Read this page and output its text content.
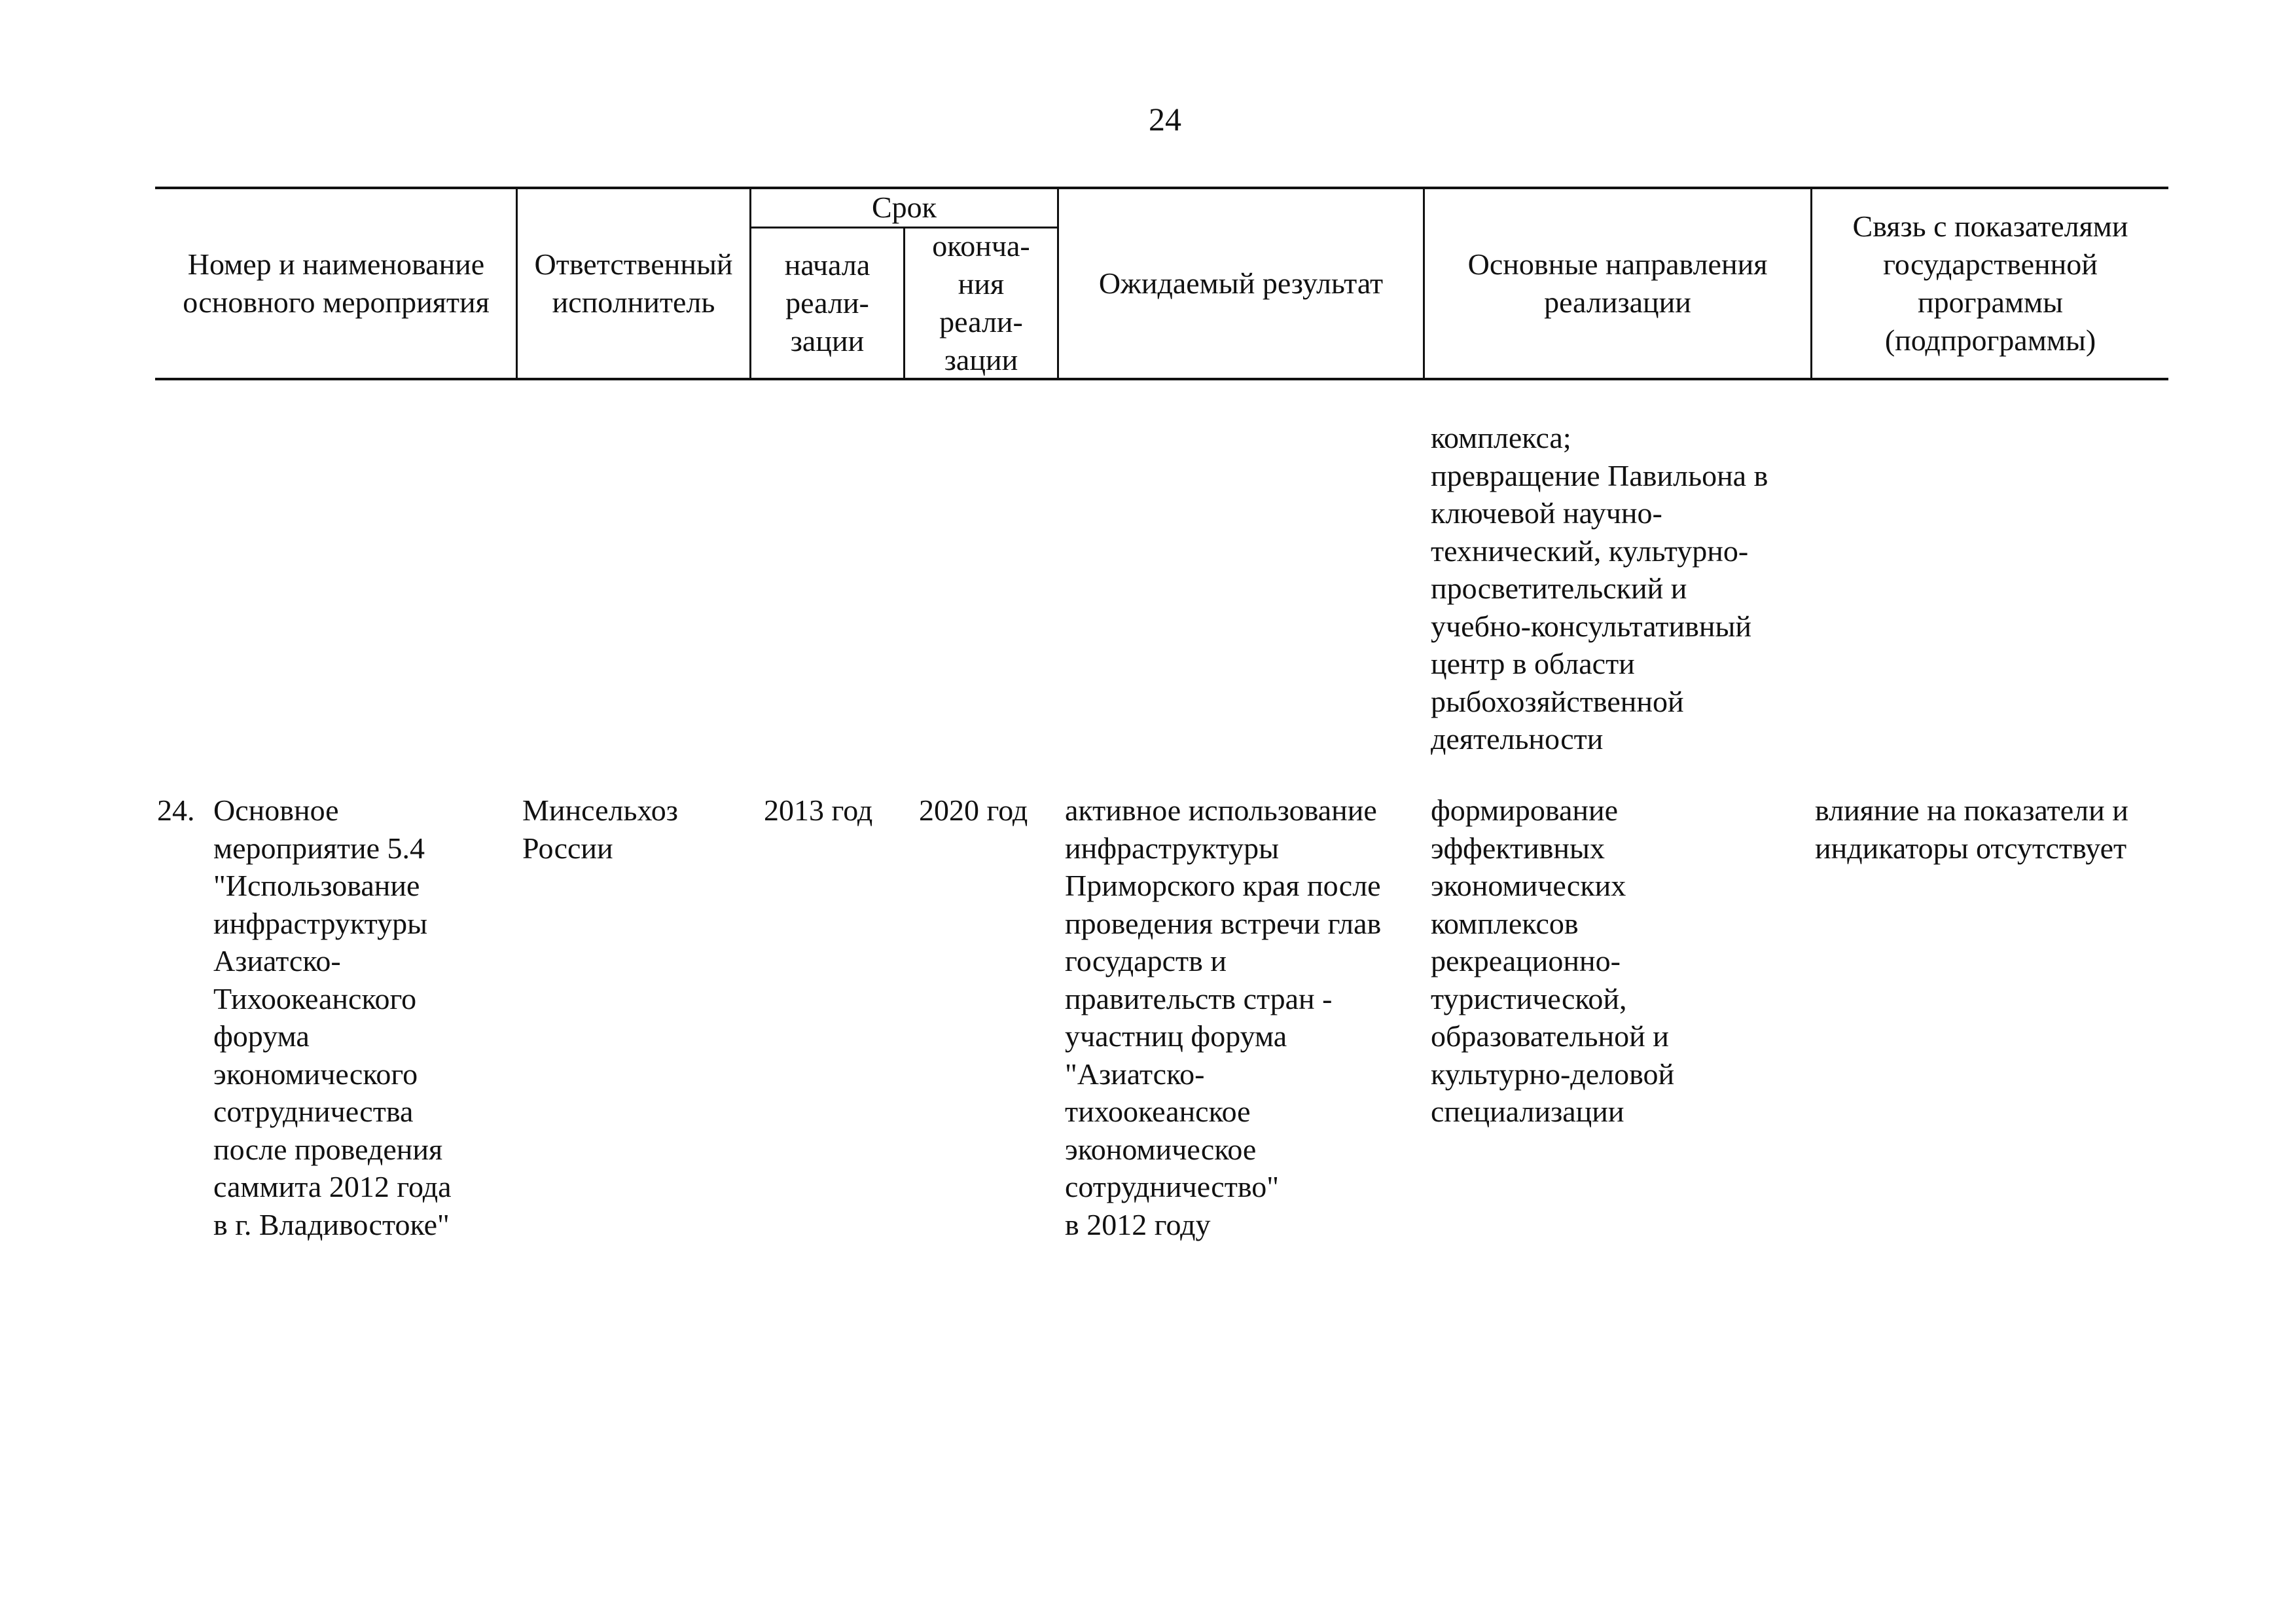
24
Номер и наименование
основного мероприятия
Ответственный
исполнитель
Срок
начала
реали-
зации
оконча-
ния
реали-
зации
Ожидаемый результат
Основные направления
реализации
Связь с показателями
государственной
программы
(подпрограммы)
комплекса;
превращение Павильона в
ключевой научно-
технический, культурно-
просветительский и
учебно-консультативный
центр в области
рыбохозяйственной
деятельности
24. Основное
мероприятие 5.4
"Использование
инфраструктуры
Азиатско-
Тихоокеанского
форума
экономического
сотрудничества
после проведения
саммита 2012 года
в г. Владивостоке"
Минсельхоз
России
2013 год	2020 год	активное использование
инфраструктуры
Приморского края после
проведения встречи глав
государств и
правительств стран -
участниц форума
"Азиатско-
тихоокеанское
экономическое
сотрудничество"
в 2012 году
формирование
эффективных
экономических
комплексов
рекреационно-
туристической,
образовательной и
культурно-деловой
специализации
влияние на показатели и
индикаторы отсутствует
